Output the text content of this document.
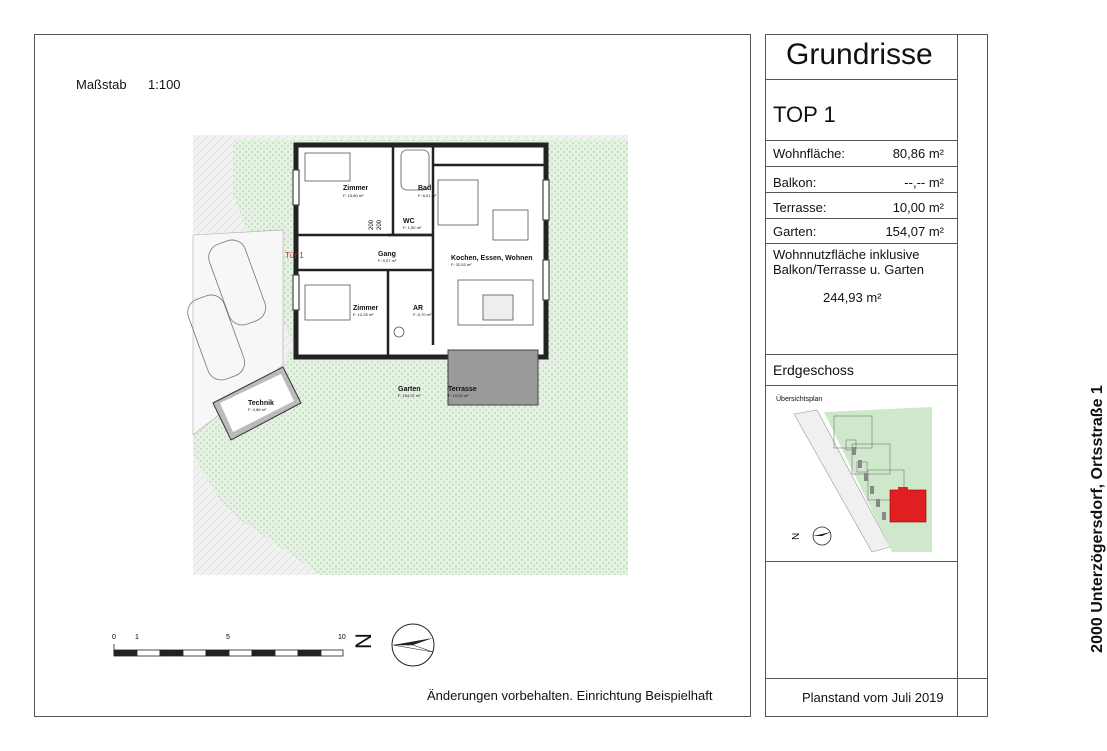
Maßstab 1:100
Änderungen vorbehalten. Einrichtung Beispielhaft
Tür 1
200 200
Zimmer
F: 15,80 m²
Bad
F: 8,01 m²
WC
F: 1,50 m²
Gang
F: 9,07 m²	Kochen, Essen, Wohnen
F: 32,53 m²
Zimmer
F: 12,26 m²
AR
F: 0,70 m²
Garten
F: 154,07 m²
Terrasse
F: 10,00 m²
Technik
F: 4,88 m²
0	1	5	10 N
Grundrisse
TOP 1
Wohnfläche:	80,86 m²
Balkon:	--,-- m²
Terrasse:	10,00 m²
Garten:	154,07 m²
Wohnnutzfläche inklusive Balkon/Terrasse u. Garten
244,93 m²
Erdgeschoss
Übersichtsplan
N
Planstand vom Juli 2019
2000 Unterzögersdorf, Ortsstraße 1
